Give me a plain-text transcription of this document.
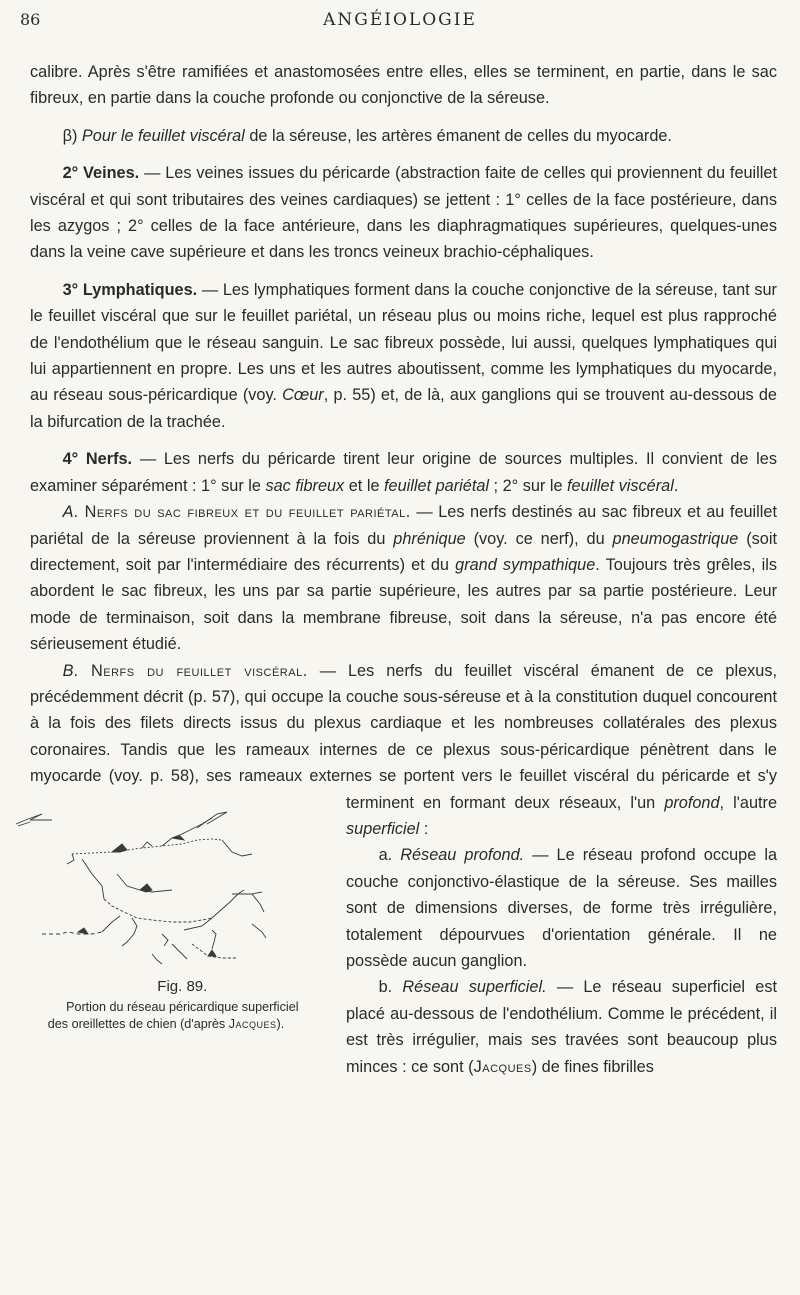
86	ANGÉIOLOGIE

calibre. Après s'être ramifiées et anastomosées entre elles, elles se terminent, en partie, dans le sac fibreux, en partie dans la couche profonde ou conjonctive de la séreuse.

β) Pour le feuillet viscéral de la séreuse, les artères émanent de celles du myocarde.

2° Veines. — Les veines issues du péricarde (abstraction faite de celles qui proviennent du feuillet viscéral et qui sont tributaires des veines cardiaques) se jettent : 1° celles de la face postérieure, dans les azygos ; 2° celles de la face antérieure, dans les diaphragmatiques supérieures, quelques-unes dans la veine cave supérieure et dans les troncs veineux brachio-céphaliques.

3° Lymphatiques. — Les lymphatiques forment dans la couche conjonctive de la séreuse, tant sur le feuillet viscéral que sur le feuillet pariétal, un réseau plus ou moins riche, lequel est plus rapproché de l'endothélium que le réseau sanguin. Le sac fibreux possède, lui aussi, quelques lymphatiques qui lui appartiennent en propre. Les uns et les autres aboutissent, comme les lymphatiques du myocarde, au réseau sous-péricardique (voy. Cœur, p. 55) et, de là, aux ganglions qui se trouvent au-dessous de la bifurcation de la trachée.

4° Nerfs. — Les nerfs du péricarde tirent leur origine de sources multiples. Il convient de les examiner séparément : 1° sur le sac fibreux et le feuillet pariétal ; 2° sur le feuillet viscéral.

A. Nerfs du sac fibreux et du feuillet pariétal. — Les nerfs destinés au sac fibreux et au feuillet pariétal de la séreuse proviennent à la fois du phrénique (voy. ce nerf), du pneumogastrique (soit directement, soit par l'intermédiaire des récurrents) et du grand sympathique. Toujours très grêles, ils abordent le sac fibreux, les uns par sa partie supérieure, les autres par sa partie postérieure. Leur mode de terminaison, soit dans la membrane fibreuse, soit dans la séreuse, n'a pas encore été sérieusement étudié.

B. Nerfs du feuillet viscéral. — Les nerfs du feuillet viscéral émanent de ce plexus, précédemment décrit (p. 57), qui occupe la couche sous-séreuse et à la constitution duquel concourent à la fois des filets directs issus du plexus cardiaque et les nombreuses collatérales des plexus coronaires. Tandis que les rameaux internes de ce plexus sous-péricardique pénètrent dans le myocarde (voy. p. 58), ses rameaux externes se portent vers le feuillet viscéral du péricarde et s'y terminent en formant deux réseaux, l'un
Fig. 89.
Portion du réseau péricardique superficiel
des oreillettes de chien (d'après Jacques).
profond, l'autre superficiel :

a. Réseau profond. — Le réseau profond occupe la couche conjonctivo-élastique de la séreuse. Ses mailles sont de dimensions diverses, de forme très irrégulière, totalement dépourvues d'orientation générale. Il ne possède aucun ganglion.

b. Réseau superficiel. — Le réseau superficiel est placé au-dessous de l'endothélium. Comme le précédent, il est très irrégulier, mais ses travées sont beaucoup plus minces : ce sont (Jacques) de fines fibrilles
